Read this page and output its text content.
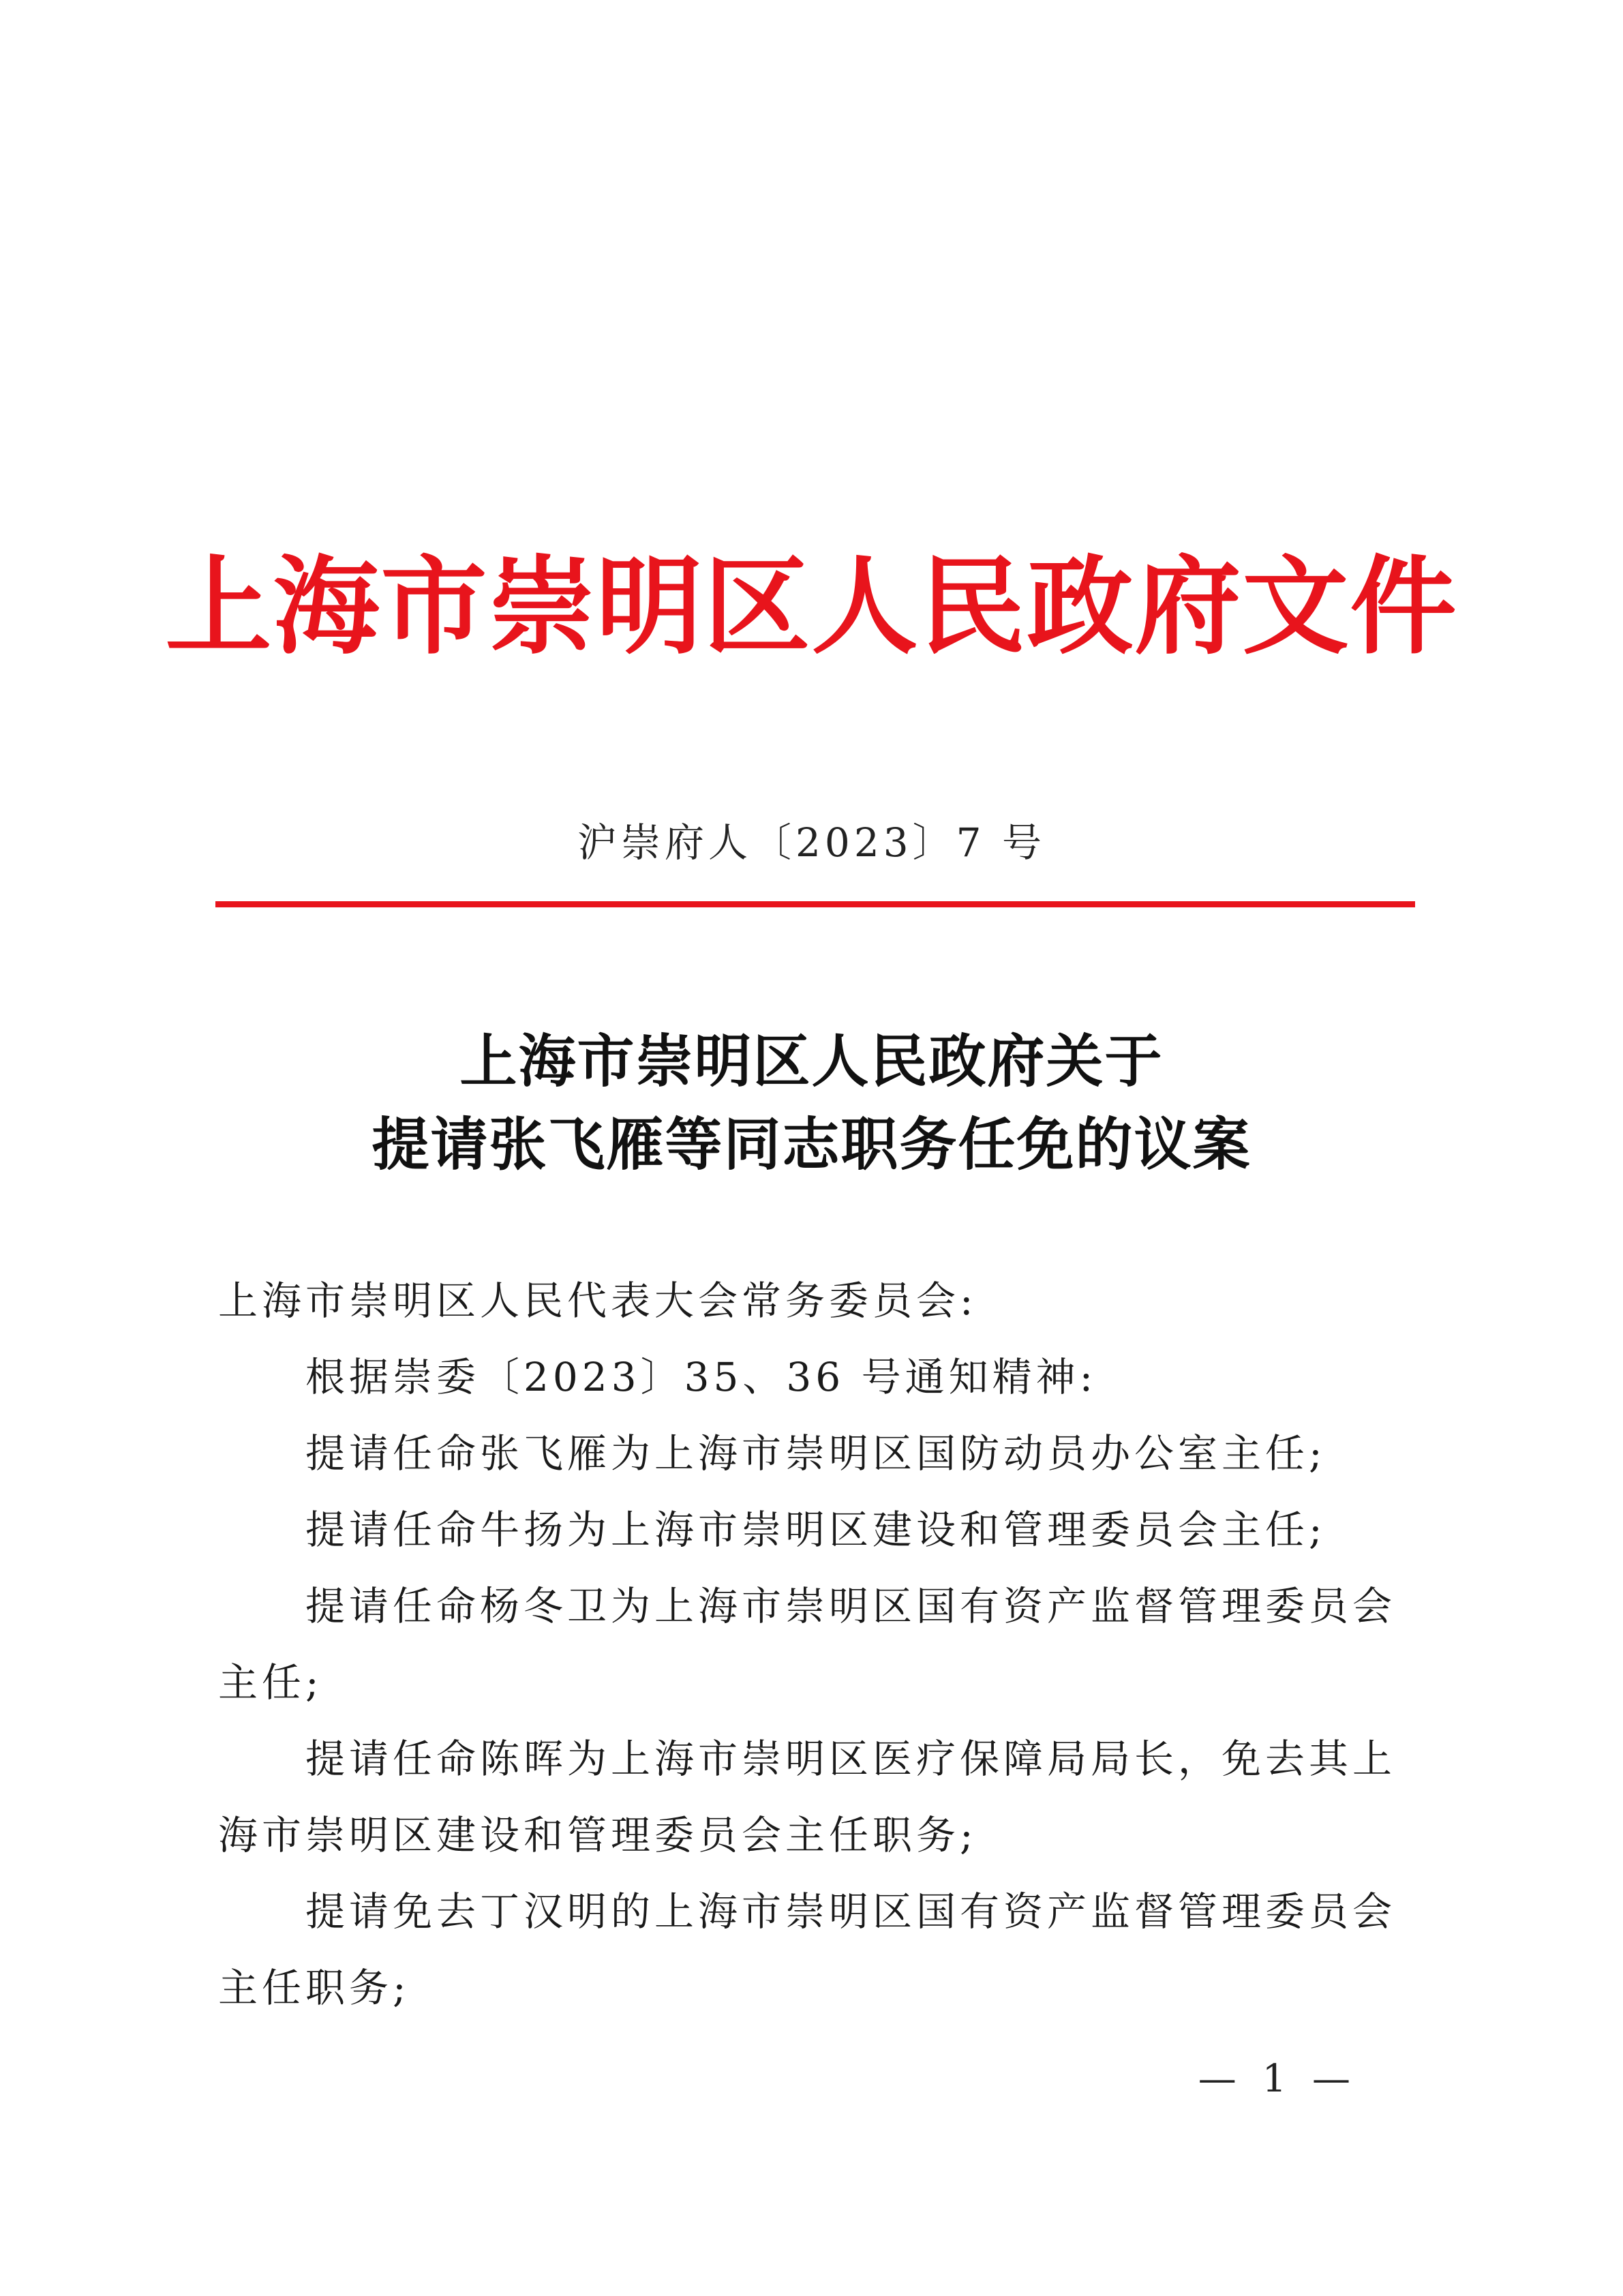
上海市崇明区人民政府文件
沪崇府人〔2023〕7 号
上海市崇明区人民政府关于
提请张飞雁等同志职务任免的议案

上海市崇明区人民代表大会常务委员会:

根据崇委〔2023〕35、36 号通知精神:

提请任命张飞雁为上海市崇明区国防动员办公室主任;

提请任命牛扬为上海市崇明区建设和管理委员会主任;

提请任命杨冬卫为上海市崇明区国有资产监督管理委员会主任;

提请任命陈晖为上海市崇明区医疗保障局局长，免去其上海市崇明区建设和管理委员会主任职务;

提请免去丁汉明的上海市崇明区国有资产监督管理委员会主任职务;

— 1 —
